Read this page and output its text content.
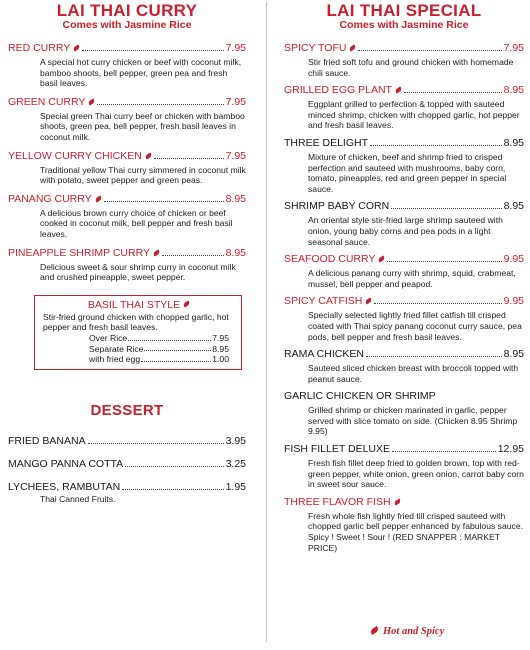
LAI THAI CURRY
Comes with Jasmine Rice
RED CURRY	7.95
A special hot curry chicken or beef with coconut milk, bamboo shoots, bell pepper, green pea and fresh basil leaves.
GREEN CURRY	7.95
Special green Thai curry beef or chicken with bamboo shoots, green pea, bell pepper, fresh basil leaves in coconut milk.
YELLOW CURRY CHICKEN	7.95
Traditional yellow Thai curry simmered in coconut milk with potato, sweet pepper and green peas.
PANANG CURRY	8.95
A delicious brown curry choice of chicken or beef cooked in coconut milk, bell pepper and fresh basil leaves.
PINEAPPLE SHRIMP CURRY	8.95
Delicious sweet & sour shrimp curry in coconut milk and crushed pineapple, sweet pepper.
BASIL THAI STYLE
Stir-fried ground chicken with chopped garlic, hot pepper and fresh basil leaves.
Over Rice	7.95
Separate Rice	8.95
with fried egg	1.00
DESSERT
FRIED BANANA	3.95
MANGO PANNA COTTA	3.25
LYCHEES, RAMBUTAN	1.95
Thai Canned Fruits.
LAI THAI SPECIAL
Comes with Jasmine Rice
SPICY TOFU	7.95
Stir fried soft tofu and ground chicken with homemade chili sauce.
GRILLED EGG PLANT	8.95
Eggplant grilled to perfection & topped with sauteed minced shrimp, chicken with chopped garlic, hot pepper and fresh basil leaves.
THREE DELIGHT	8.95
Mixture of chicken, beef and shrimp fried to crisped perfection and sauteed with mushrooms, baby corn, tomato, pineapples, red and green pepper in special sauce.
SHRIMP BABY CORN	8.95
An oriental style stir-fried large shrimp sauteed with onion, young baby corns and pea pods in a light seasonal sauce.
SEAFOOD CURRY	9.95
A delicious panang curry with shrimp, squid, crabmeat, mussel, bell pepper and peapod.
SPICY CATFISH	9.95
Specially selected lightly fried fillet catfish till crisped coated with Thai spicy panang coconut curry sauce, pea pods, bell pepper and fresh basil leaves.
RAMA CHICKEN	8.95
Sauteed sliced chicken breast with broccoli topped with peanut sauce.
GARLIC CHICKEN OR SHRIMP
Grilled shrimp or chicken marinated in garlic, pepper served with slice tomato on side. (Chicken 8.95 Shrimp 9.95)
FISH FILLET DELUXE	12.95
Fresh fish fillet deep fried to golden brown, top with red-green pepper, white onion, green onion, carrot baby corn in sweet sour sauce.
THREE FLAVOR FISH
Fresh whole fish lightly fried till crisped sauteed with chopped garlic bell pepper enhanced by fabulous sauce. Spicy ! Sweet ! Sour ! (RED SNAPPER : MARKET PRICE)
Hot and Spicy
